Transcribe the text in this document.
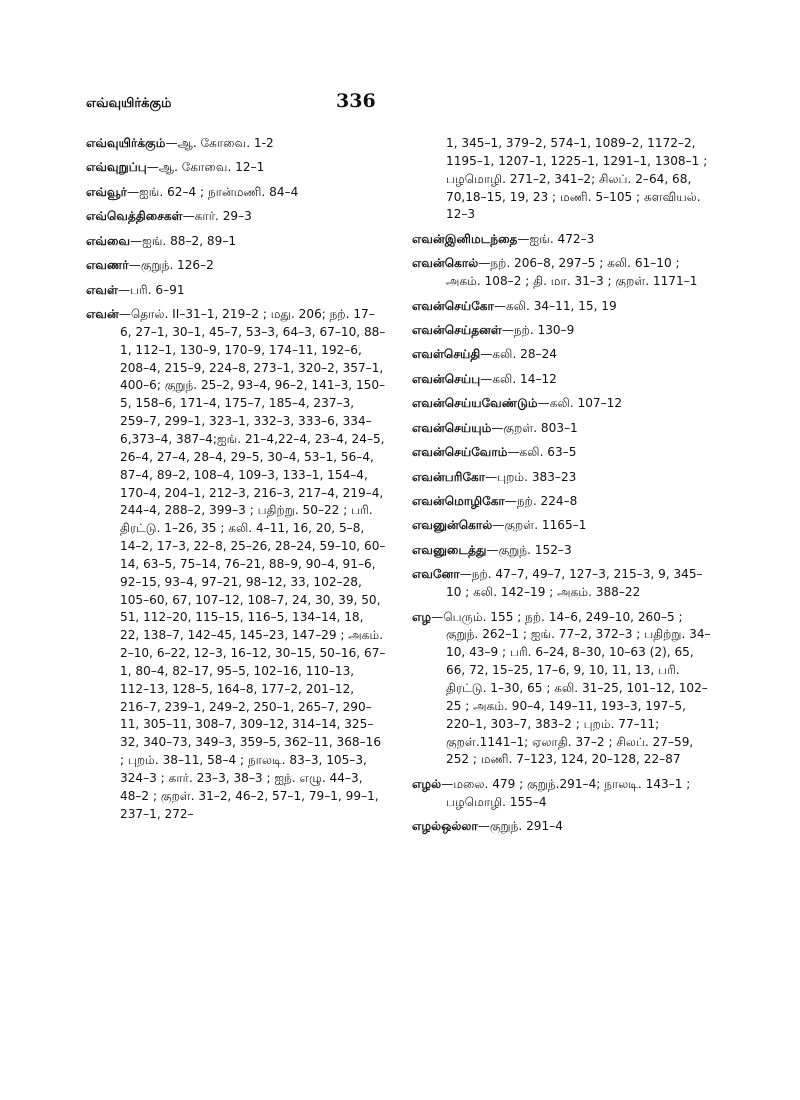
எவ்வுயிர்க்கும்	336
எவ்வுயிர்க்கும்—ஆ. கோவை. 1-2
எவ்வுறுப்பு—ஆ. கோவை. 12–1
எவ்வூர்—ஐங். 62–4 ; நான்மணி. 84–4
எவ்வெத்திசைகள்—கார். 29–3
எவ்வை—ஐங். 88–2, 89–1
எவணர்—குறுந். 126–2
எவள்—பரி. 6–91
எவன்—தொல். II–31–1, 219–2 ; மது. 206; நற். 17–6, 27–1, 30–1, 45–7, 53–3, 64–3, 67–10, 88–1, 112–1, 130–9, 170–9, 174–11, 192–6, 208–4, 215–9, 224–8, 273–1, 320–2, 357–1, 400–6; குறுந். 25–2, 93–4, 96–2, 141–3, 150–5, 158–6, 171–4, 175–7, 185–4, 237–3, 259–7, 299–1, 323–1, 332–3, 333–6, 334–6,373–4, 387–4;ஐங். 21–4,22–4, 23–4, 24–5, 26–4, 27–4, 28–4, 29–5, 30–4, 53–1, 56–4, 87–4, 89–2, 108–4, 109–3, 133–1, 154–4, 170–4, 204–1, 212–3, 216–3, 217–4, 219–4, 244–4, 288–2, 399–3 ; பதிற்று. 50–22 ; பரி. திரட்டு. 1–26, 35 ; கலி. 4–11, 16, 20, 5–8, 14–2, 17–3, 22–8, 25–26, 28–24, 59–10, 60–14, 63–5, 75–14, 76–21, 88–9, 90–4, 91–6, 92–15, 93–4, 97–21, 98–12, 33, 102–28, 105–60, 67, 107–12, 108–7, 24, 30, 39, 50, 51, 112–20, 115–15, 116–5, 134–14, 18, 22, 138–7, 142–45, 145–23, 147–29 ; அகம். 2–10, 6–22, 12–3, 16–12, 30–15, 50–16, 67–1, 80–4, 82–17, 95–5, 102–16, 110–13, 112–13, 128–5, 164–8, 177–2, 201–12, 216–7, 239–1, 249–2, 250–1, 265–7, 290–11, 305–11, 308–7, 309–12, 314–14, 325–32, 340–73, 349–3, 359–5, 362–11, 368–16 ; புறம். 38–11, 58–4 ; நாலடி. 83–3, 105–3, 324–3 ; கார். 23–3, 38–3 ; ஐந். எழு. 44–3, 48–2 ; குறள். 31–2, 46–2, 57–1, 79–1, 99–1, 237–1, 272–
1, 345–1, 379–2, 574–1, 1089–2, 1172–2, 1195–1, 1207–1, 1225–1, 1291–1, 1308–1 ; பழமொழி. 271–2, 341–2; சிலப். 2–64, 68, 70,18–15, 19, 23 ; மணி. 5–105 ; களவியல். 12–3
எவன்இனிமடந்தை—ஐங். 472–3
எவன்கொல்—நற். 206–8, 297–5 ; கலி. 61–10 ; அகம். 108–2 ; தி. மா. 31–3 ; குறள். 1171–1
எவன்செய்கோ—கலி. 34–11, 15, 19
எவன்செய்தனள்—நற். 130–9
எவள்செய்தி—கலி. 28–24
எவன்செய்பு—கலி. 14–12
எவன்செய்யவேண்டும்—கலி. 107–12
எவன்செய்யும்—குறள். 803–1
எவன்செய்வோம்—கலி. 63–5
எவன்பரிகோ—புறம். 383–23
எவன்மொழிகோ—நற். 224–8
எவனுன்கொல்—குறள். 1165–1
எவனுடைத்து—குறுந். 152–3
எவனோ—நற். 47–7, 49–7, 127–3, 215–3, 9, 345–10 ; கலி. 142–19 ; அகம். 388–22
எழ—பெரும். 155 ; நற். 14–6, 249–10, 260–5 ; குறுந். 262–1 ; ஐங். 77–2, 372–3 ; பதிற்று. 34–10, 43–9 ; பரி. 6–24, 8–30, 10–63 (2), 65, 66, 72, 15–25, 17–6, 9, 10, 11, 13, பரி. திரட்டு. 1–30, 65 ; கலி. 31–25, 101–12, 102–25 ; அகம். 90–4, 149–11, 193–3, 197–5, 220–1, 303–7, 383–2 ; புறம். 77–11; குறள்.1141–1; ஏலாதி. 37–2 ; சிலப். 27–59, 252 ; மணி. 7–123, 124, 20–128, 22–87
எழல்—மலை. 479 ; குறுந்.291–4; நாலடி. 143–1 ; பழமொழி. 155–4
எழல்ஒல்லா—குறுந். 291–4
